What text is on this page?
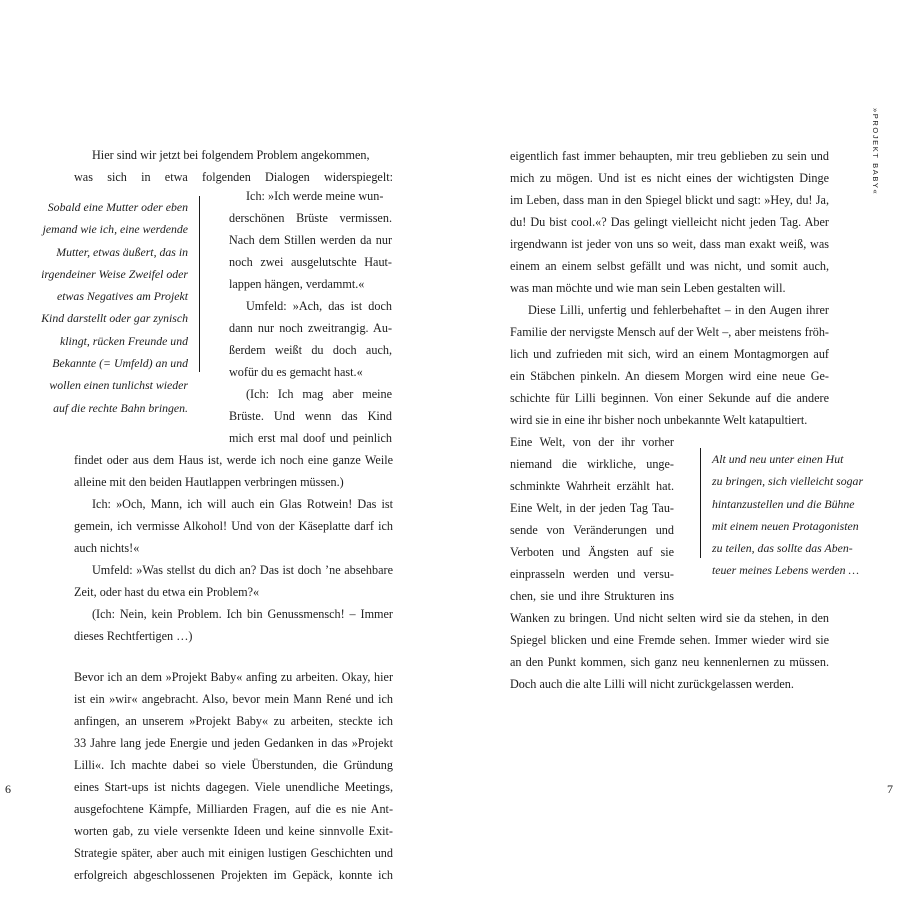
Hier sind wir jetzt bei folgendem Problem angekommen,
was sich in etwa folgenden Dialogen widerspiegelt:
Ich: »Ich werde meine wun-
derschönen Brüste vermissen.
Nach dem Stillen werden da nur
noch zwei ausgelutschte Haut-
lappen hängen, verdammt.«
Umfeld: »Ach, das ist doch
dann nur noch zweitrangig. Au-
ßerdem weißt du doch auch,
wofür du es gemacht hast.«
(Ich: Ich mag aber meine
Brüste. Und wenn das Kind
mich erst mal doof und peinlich
findet oder aus dem Haus ist, werde ich noch eine ganze Weile
alleine mit den beiden Hautlappen verbringen müssen.)
Ich: »Och, Mann, ich will auch ein Glas Rotwein! Das ist
gemein, ich vermisse Alkohol! Und von der Käseplatte darf ich
auch nichts!«
Umfeld: »Was stellst du dich an? Das ist doch ’ne absehbare
Zeit, oder hast du etwa ein Problem?«
(Ich: Nein, kein Problem. Ich bin Genussmensch! – Immer
dieses Rechtfertigen …)
Bevor ich an dem »Projekt Baby« anfing zu arbeiten. Okay, hier
ist ein »wir« angebracht. Also, bevor mein Mann René und ich
anfingen, an unserem »Projekt Baby« zu arbeiten, steckte ich
33 Jahre lang jede Energie und jeden Gedanken in das »Projekt
Lilli«. Ich machte dabei so viele Überstunden, die Gründung
eines Start-ups ist nichts dagegen. Viele unendliche Meetings,
ausgefochtene Kämpfe, Milliarden Fragen, auf die es nie Ant-
worten gab, zu viele versenkte Ideen und keine sinnvolle Exit-
Strategie später, aber auch mit einigen lustigen Geschichten und
erfolgreich abgeschlossenen Projekten im Gepäck, konnte ich
Sobald eine Mutter oder eben
jemand wie ich, eine werdende
Mutter, etwas äußert, das in
irgendeiner Weise Zweifel oder
etwas Negatives am Projekt
Kind darstellt oder gar zynisch
klingt, rücken Freunde und
Bekannte (= Umfeld) an und
wollen einen tunlichst wieder
auf die rechte Bahn bringen.
6
eigentlich fast immer behaupten, mir treu geblieben zu sein und
mich zu mögen. Und ist es nicht eines der wichtigsten Dinge
im Leben, dass man in den Spiegel blickt und sagt: »Hey, du! Ja,
du! Du bist cool.«? Das gelingt vielleicht nicht jeden Tag. Aber
irgendwann ist jeder von uns so weit, dass man exakt weiß, was
einem an einem selbst gefällt und was nicht, und somit auch,
was man möchte und wie man sein Leben gestalten will.
Diese Lilli, unfertig und fehlerbehaftet – in den Augen ihrer
Familie der nervigste Mensch auf der Welt –, aber meistens fröh-
lich und zufrieden mit sich, wird an einem Montagmorgen auf
ein Stäbchen pinkeln. An diesem Morgen wird eine neue Ge-
schichte für Lilli beginnen. Von einer Sekunde auf die andere
wird sie in eine ihr bisher noch unbekannte Welt katapultiert.
Eine Welt, von der ihr vorher
niemand die wirkliche, unge-
schminkte Wahrheit erzählt hat.
Eine Welt, in der jeden Tag Tau-
sende von Veränderungen und
Verboten und Ängsten auf sie
einprasseln werden und versu-
chen, sie und ihre Strukturen ins
Wanken zu bringen. Und nicht selten wird sie da stehen, in den
Spiegel blicken und eine Fremde sehen. Immer wieder wird sie
an den Punkt kommen, sich ganz neu kennenlernen zu müssen.
Doch auch die alte Lilli will nicht zurückgelassen werden.
Alt und neu unter einen Hut
zu bringen, sich vielleicht sogar
hintanzustellen und die Bühne
mit einem neuen Protagonisten
zu teilen, das sollte das Aben-
teuer meines Lebens werden …
»PROJEKT BABY«
7
